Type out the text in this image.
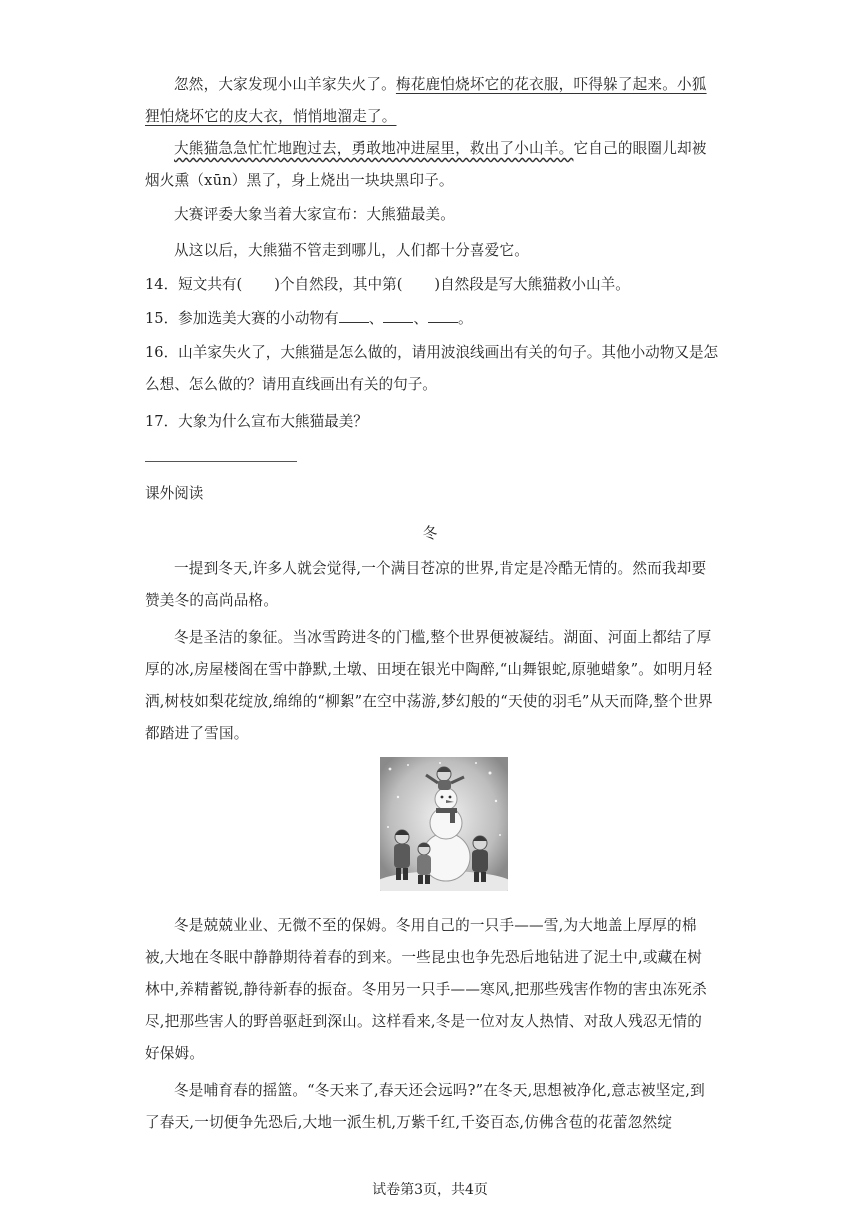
忽然，大家发现小山羊家失火了。梅花鹿怕烧坏它的花衣服，吓得躲了起来。小狐狸怕烧坏它的皮大衣，悄悄地溜走了。

大熊猫急急忙忙地跑过去，勇敢地冲进屋里，救出了小山羊。它自己的眼圈儿却被烟火熏（xūn）黑了，身上烧出一块块黑印子。

大赛评委大象当着大家宣布：大熊猫最美。

从这以后，大熊猫不管走到哪儿，人们都十分喜爱它。

14．短文共有( )个自然段，其中第( )自然段是写大熊猫救小山羊。

15．参加选美大赛的小动物有 、 、 。

16．山羊家失火了，大熊猫是怎么做的，请用波浪线画出有关的句子。其他小动物又是怎么想、怎么做的？请用直线画出有关的句子。

17．大象为什么宣布大熊猫最美？

课外阅读

冬

一提到冬天,许多人就会觉得,一个满目苍凉的世界,肯定是冷酷无情的。然而我却要赞美冬的高尚品格。

冬是圣洁的象征。当冰雪跨进冬的门槛,整个世界便被凝结。湖面、河面上都结了厚厚的冰,房屋楼阁在雪中静默,土墩、田埂在银光中陶醉,“山舞银蛇,原驰蜡象”。如明月轻洒,树枝如梨花绽放,绵绵的“柳絮”在空中荡游,梦幻般的“天使的羽毛”从天而降,整个世界都踏进了雪国。

冬是兢兢业业、无微不至的保姆。冬用自己的一只手——雪,为大地盖上厚厚的棉被,大地在冬眠中静静期待着春的到来。一些昆虫也争先恐后地钻进了泥土中,或藏在树林中,养精蓄锐,静待新春的振奋。冬用另一只手——寒风,把那些残害作物的害虫冻死杀尽,把那些害人的野兽驱赶到深山。这样看来,冬是一位对友人热情、对敌人残忍无情的好保姆。

冬是哺育春的摇篮。“冬天来了,春天还会远吗?”在冬天,思想被净化,意志被坚定,到了春天,一切便争先恐后,大地一派生机,万紫千红,千姿百态,仿佛含苞的花蕾忽然绽

试卷第3页，共4页
